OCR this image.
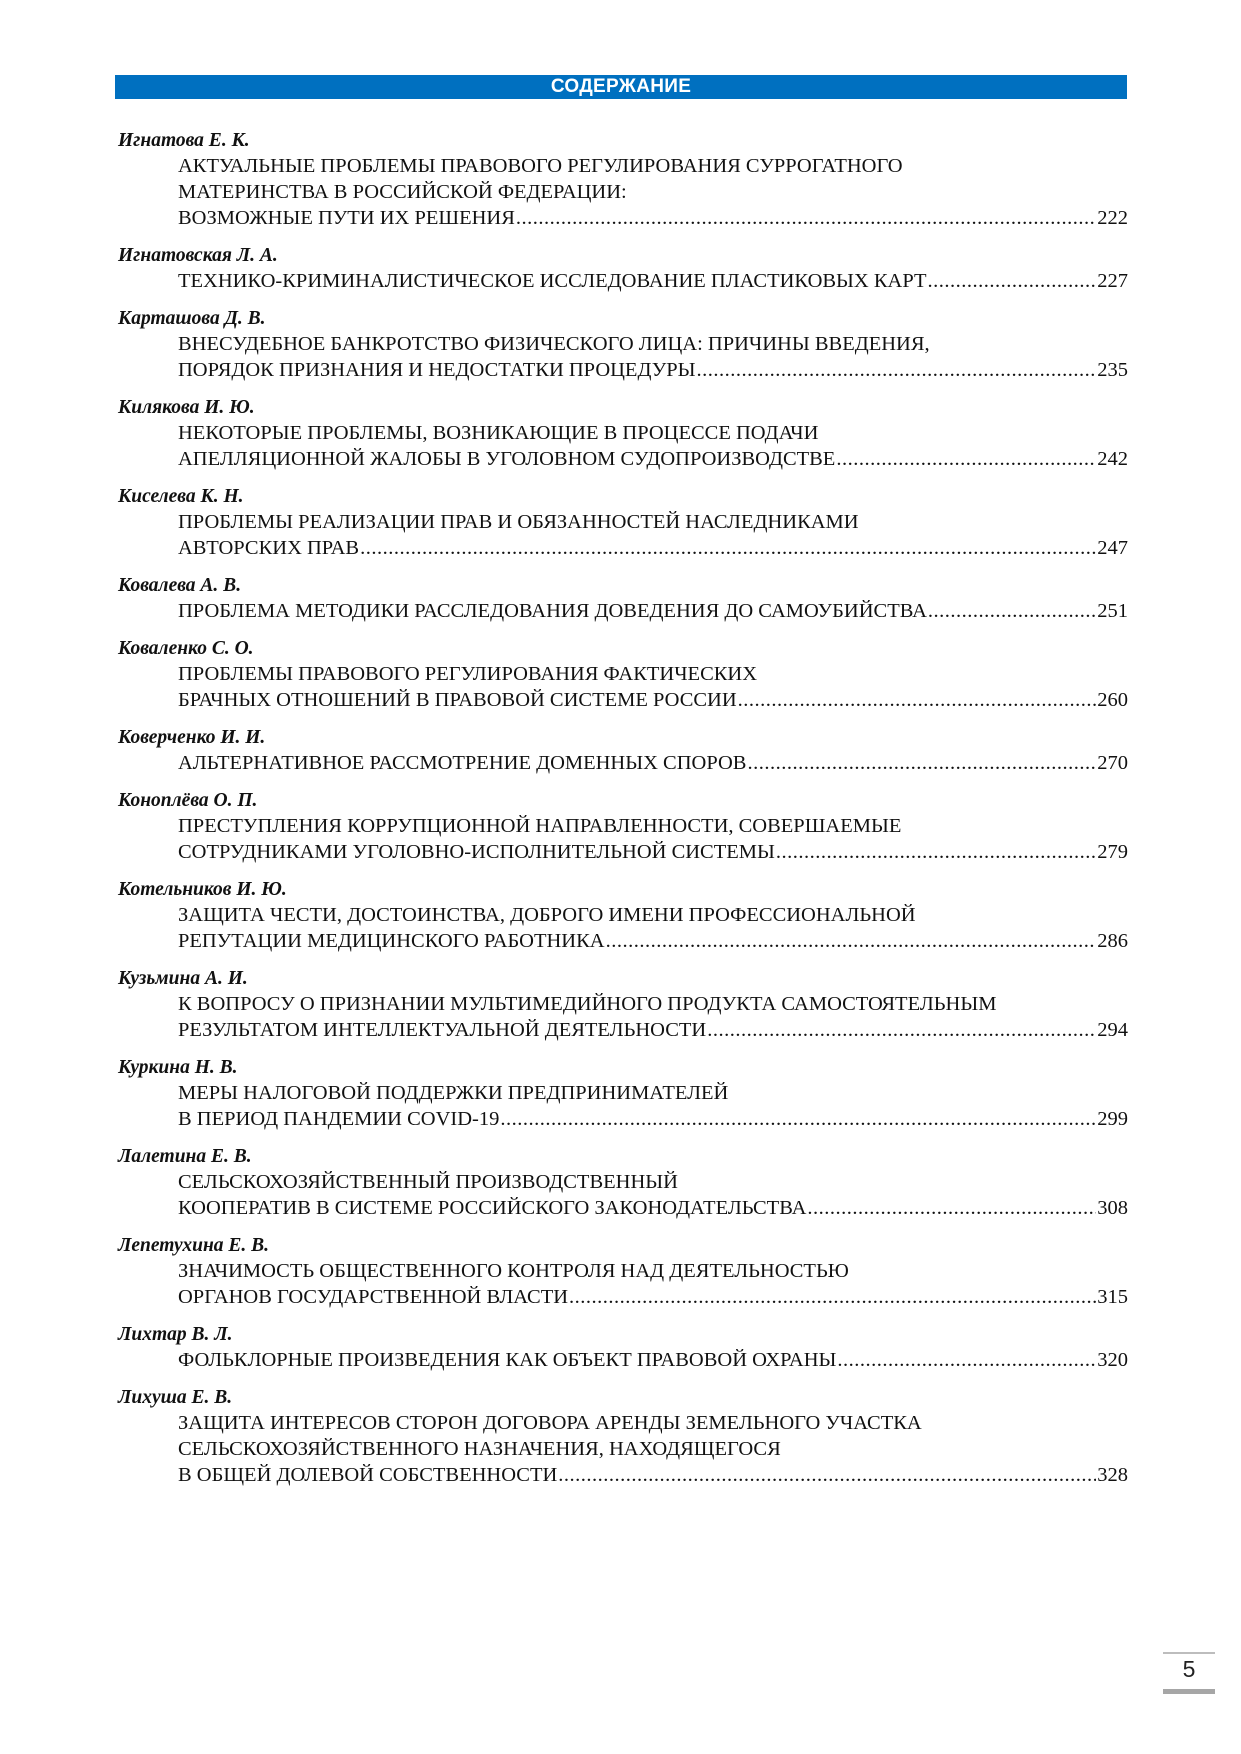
СОДЕРЖАНИЕ
Игнатова Е. К.
АКТУАЛЬНЫЕ ПРОБЛЕМЫ ПРАВОВОГО РЕГУЛИРОВАНИЯ СУРРОГАТНОГО
МАТЕРИНСТВА В РОССИЙСКОЙ ФЕДЕРАЦИИ:
ВОЗМОЖНЫЕ ПУТИ ИХ РЕШЕНИЯ .....	222
Игнатовская Л. А.
ТЕХНИКО-КРИМИНАЛИСТИЧЕСКОЕ ИССЛЕДОВАНИЕ ПЛАСТИКОВЫХ КАРТ .....	227
Карташова Д. В.
ВНЕСУДЕБНОЕ БАНКРОТСТВО ФИЗИЧЕСКОГО ЛИЦА: ПРИЧИНЫ ВВЕДЕНИЯ,
ПОРЯДОК ПРИЗНАНИЯ И НЕДОСТАТКИ ПРОЦЕДУРЫ .....	235
Килякова И. Ю.
НЕКОТОРЫЕ ПРОБЛЕМЫ, ВОЗНИКАЮЩИЕ В ПРОЦЕССЕ ПОДАЧИ
АПЕЛЛЯЦИОННОЙ ЖАЛОБЫ В УГОЛОВНОМ СУДОПРОИЗВОДСТВЕ .....	242
Киселева К. Н.
ПРОБЛЕМЫ РЕАЛИЗАЦИИ ПРАВ И ОБЯЗАННОСТЕЙ НАСЛЕДНИКАМИ
АВТОРСКИХ ПРАВ .....	247
Ковалева А. В.
ПРОБЛЕМА МЕТОДИКИ РАССЛЕДОВАНИЯ ДОВЕДЕНИЯ ДО САМОУБИЙСТВА .....	251
Коваленко С. О.
ПРОБЛЕМЫ ПРАВОВОГО РЕГУЛИРОВАНИЯ ФАКТИЧЕСКИХ
БРАЧНЫХ ОТНОШЕНИЙ В ПРАВОВОЙ СИСТЕМЕ РОССИИ .....	260
Коверченко И. И.
АЛЬТЕРНАТИВНОЕ РАССМОТРЕНИЕ ДОМЕННЫХ СПОРОВ .....	270
Коноплёва О. П.
ПРЕСТУПЛЕНИЯ КОРРУПЦИОННОЙ НАПРАВЛЕННОСТИ, СОВЕРШАЕМЫЕ
СОТРУДНИКАМИ УГОЛОВНО-ИСПОЛНИТЕЛЬНОЙ СИСТЕМЫ .....	279
Котельников И. Ю.
ЗАЩИТА ЧЕСТИ, ДОСТОИНСТВА, ДОБРОГО ИМЕНИ ПРОФЕССИОНАЛЬНОЙ
РЕПУТАЦИИ МЕДИЦИНСКОГО РАБОТНИКА .....	286
Кузьмина А. И.
К ВОПРОСУ О ПРИЗНАНИИ МУЛЬТИМЕДИЙНОГО ПРОДУКТА САМОСТОЯТЕЛЬНЫМ
РЕЗУЛЬТАТОМ ИНТЕЛЛЕКТУАЛЬНОЙ ДЕЯТЕЛЬНОСТИ .....	294
Куркина Н. В.
МЕРЫ НАЛОГОВОЙ ПОДДЕРЖКИ ПРЕДПРИНИМАТЕЛЕЙ
В ПЕРИОД ПАНДЕМИИ COVID-19 .....	299
Лалетина Е. В.
СЕЛЬСКОХОЗЯЙСТВЕННЫЙ ПРОИЗВОДСТВЕННЫЙ
КООПЕРАТИВ В СИСТЕМЕ РОССИЙСКОГО ЗАКОНОДАТЕЛЬСТВА .....	308
Лепетухина Е. В.
ЗНАЧИМОСТЬ ОБЩЕСТВЕННОГО КОНТРОЛЯ НАД ДЕЯТЕЛЬНОСТЬЮ
ОРГАНОВ ГОСУДАРСТВЕННОЙ ВЛАСТИ .....	315
Лихтар В. Л.
ФОЛЬКЛОРНЫЕ ПРОИЗВЕДЕНИЯ КАК ОБЪЕКТ ПРАВОВОЙ ОХРАНЫ .....	320
Лихуша Е. В.
ЗАЩИТА ИНТЕРЕСОВ СТОРОН ДОГОВОРА АРЕНДЫ ЗЕМЕЛЬНОГО УЧАСТКА
СЕЛЬСКОХОЗЯЙСТВЕННОГО НАЗНАЧЕНИЯ, НАХОДЯЩЕГОСЯ
В ОБЩЕЙ ДОЛЕВОЙ СОБСТВЕННОСТИ .....	328
5
